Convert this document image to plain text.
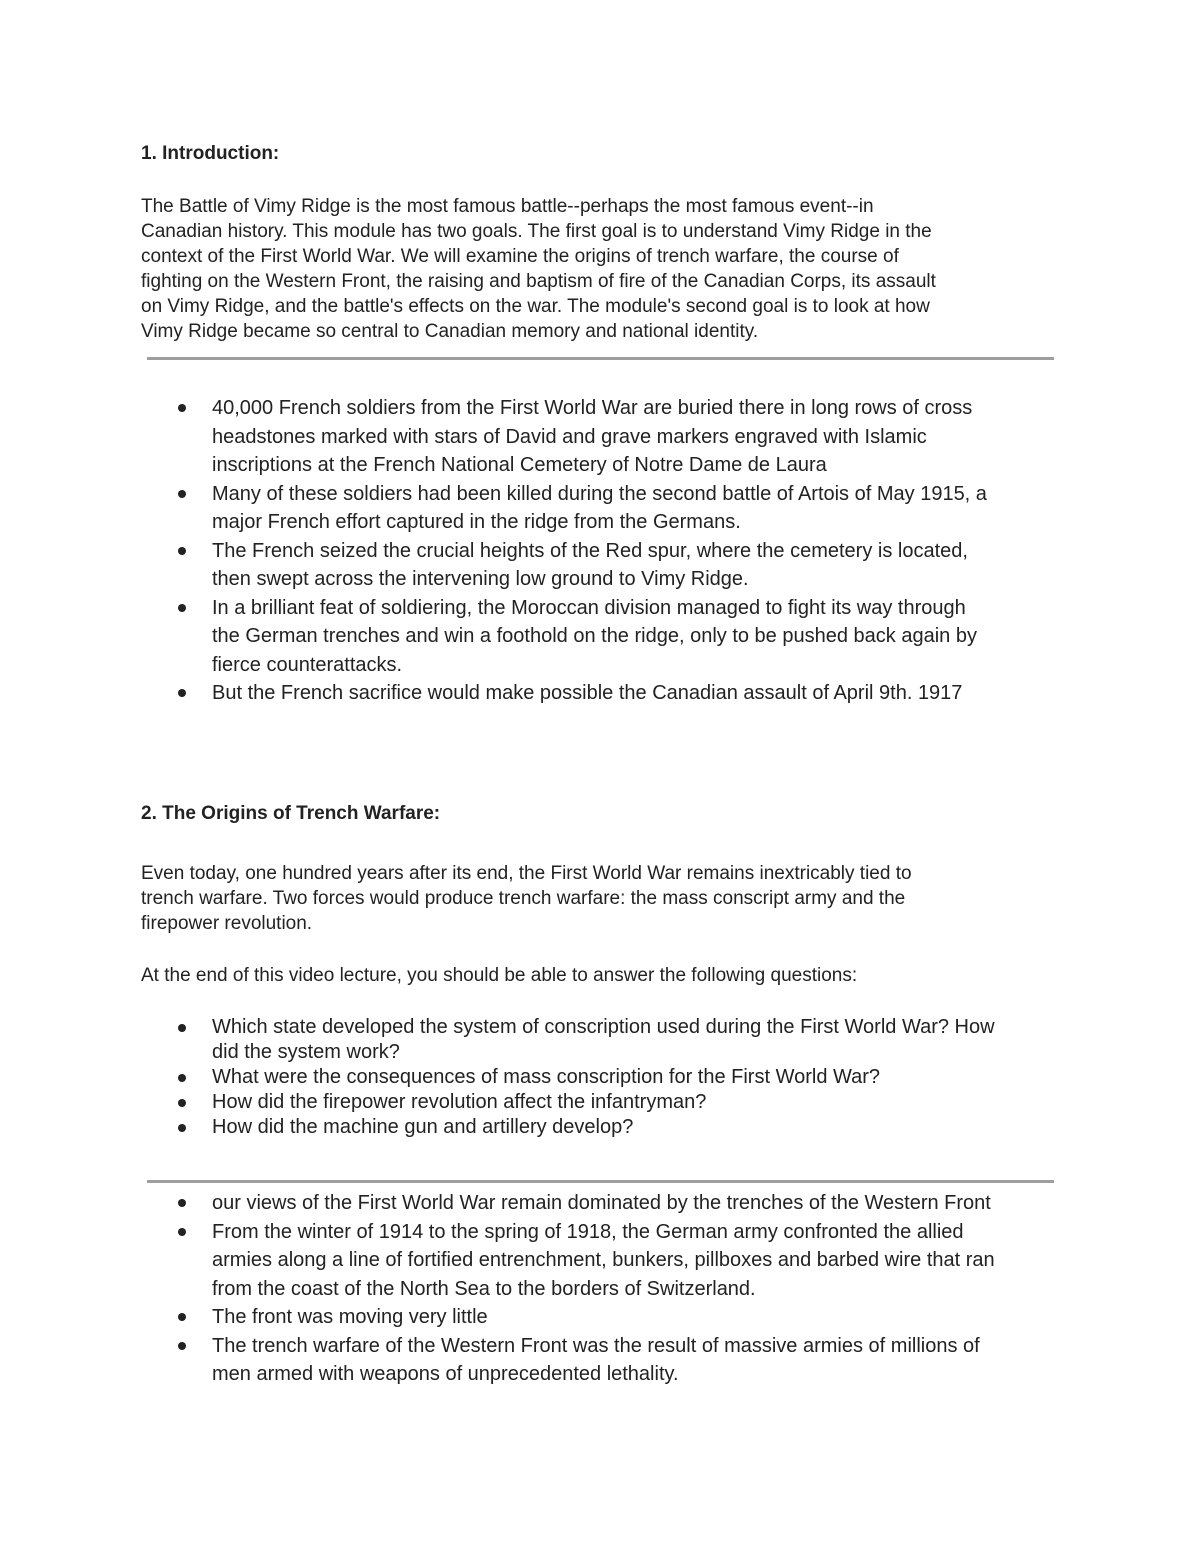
1. Introduction:
The Battle of Vimy Ridge is the most famous battle--perhaps the most famous event--in
Canadian history. This module has two goals. The first goal is to understand Vimy Ridge in the
context of the First World War. We will examine the origins of trench warfare, the course of
fighting on the Western Front, the raising and baptism of fire of the Canadian Corps, its assault
on Vimy Ridge, and the battle's effects on the war. The module's second goal is to look at how
Vimy Ridge became so central to Canadian memory and national identity.
40,000 French soldiers from the First World War are buried there in long rows of cross
headstones marked with stars of David and grave markers engraved with Islamic
inscriptions at the French National Cemetery of Notre Dame de Laura
Many of these soldiers had been killed during the second battle of Artois of May 1915, a
major French effort captured in the ridge from the Germans.
The French seized the crucial heights of the Red spur, where the cemetery is located,
then swept across the intervening low ground to Vimy Ridge.
In a brilliant feat of soldiering, the Moroccan division managed to fight its way through
the German trenches and win a foothold on the ridge, only to be pushed back again by
fierce counterattacks.
But the French sacrifice would make possible the Canadian assault of April 9th. 1917
2. The Origins of Trench Warfare:
Even today, one hundred years after its end, the First World War remains inextricably tied to
trench warfare. Two forces would produce trench warfare: the mass conscript army and the
firepower revolution.
At the end of this video lecture, you should be able to answer the following questions:
Which state developed the system of conscription used during the First World War? How
did the system work?
What were the consequences of mass conscription for the First World War?
How did the firepower revolution affect the infantryman?
How did the machine gun and artillery develop?
our views of the First World War remain dominated by the trenches of the Western Front
From the winter of 1914 to the spring of 1918, the German army confronted the allied
armies along a line of fortified entrenchment, bunkers, pillboxes and barbed wire that ran
from the coast of the North Sea to the borders of Switzerland.
The front was moving very little
The trench warfare of the Western Front was the result of massive armies of millions of
men armed with weapons of unprecedented lethality.
